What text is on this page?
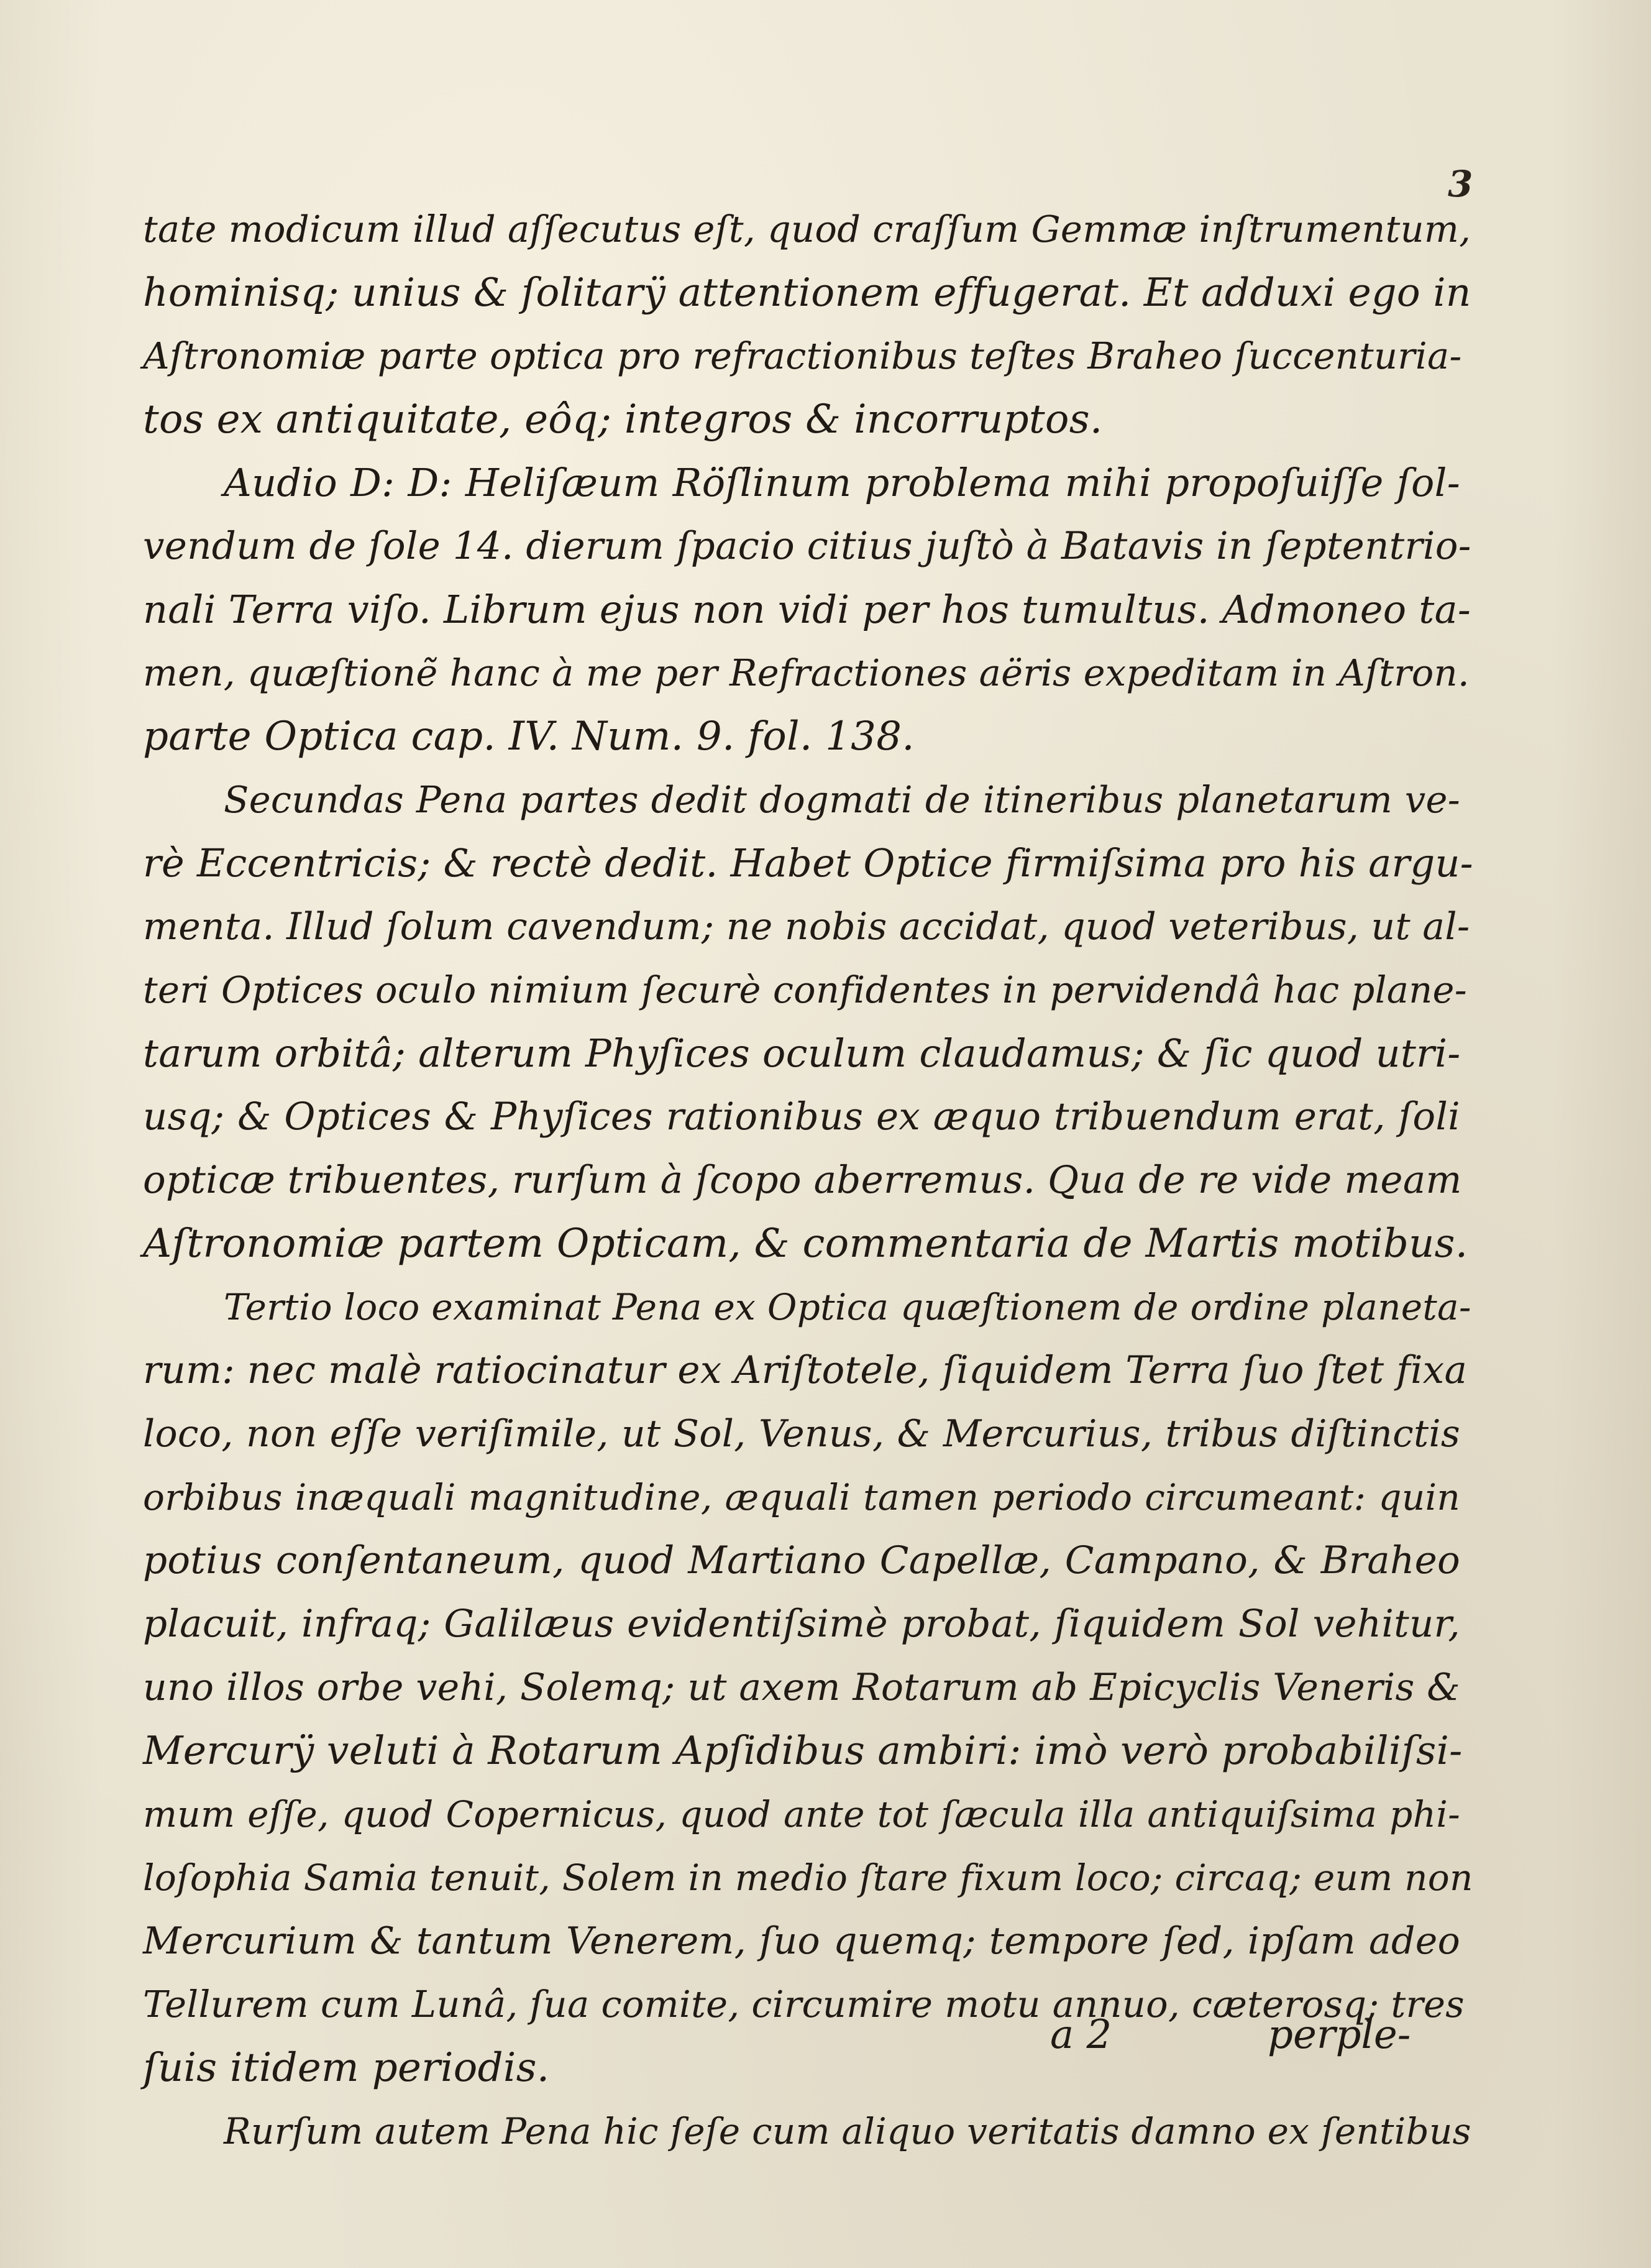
3
tate modicum illud aſſecutus eſt, quod craſſum Gemmæ inſtrumentum,
hominisq; unius & ſolitarÿ attentionem effugerat. Et adduxi ego in
Aſtronomiæ parte optica pro refractionibus teſtes Braheo ſuccenturia-
tos ex antiquitate, eôq; integros & incorruptos.
Audio D: D: Heliſæum Röſlinum problema mihi propoſuiſſe ſol-
vendum de ſole 14. dierum ſpacio citius juſtò à Batavis in ſeptentrio-
nali Terra viſo. Librum ejus non vidi per hos tumultus. Admoneo ta-
men, quæſtionẽ hanc à me per Refractiones aëris expeditam in Aſtron.
parte Optica cap. IV. Num. 9. fol. 138.
Secundas Pena partes dedit dogmati de itineribus planetarum ve-
rè Eccentricis; & rectè dedit. Habet Optice firmiſsima pro his argu-
menta. Illud ſolum cavendum; ne nobis accidat, quod veteribus, ut al-
teri Optices oculo nimium ſecurè confidentes in pervidendâ hac plane-
tarum orbitâ; alterum Phyſices oculum claudamus; & ſic quod utri-
usq; & Optices & Phyſices rationibus ex æquo tribuendum erat, ſoli
opticæ tribuentes, rurſum à ſcopo aberremus. Qua de re vide meam
Aſtronomiæ partem Opticam, & commentaria de Martis motibus.
Tertio loco examinat Pena ex Optica quæſtionem de ordine planeta-
rum: nec malè ratiocinatur ex Ariſtotele, ſiquidem Terra ſuo ſtet fixa
loco, non eſſe veriſimile, ut Sol, Venus, & Mercurius, tribus diſtinctis
orbibus inæquali magnitudine, æquali tamen periodo circumeant: quin
potius conſentaneum, quod Martiano Capellæ, Campano, & Braheo
placuit, infraq; Galilæus evidentiſsimè probat, ſiquidem Sol vehitur,
uno illos orbe vehi, Solemq; ut axem Rotarum ab Epicyclis Veneris &
Mercurÿ veluti à Rotarum Apſidibus ambiri: imò verò probabiliſsi-
mum eſſe, quod Copernicus, quod ante tot ſæcula illa antiquiſsima phi-
loſophia Samia tenuit, Solem in medio ſtare fixum loco; circaq; eum non
Mercurium & tantum Venerem, ſuo quemq; tempore ſed, ipſam adeo
Tellurem cum Lunâ, ſua comite, circumire motu annuo, cæterosq; tres
ſuis itidem periodis.
Rurſum autem Pena hic ſeſe cum aliquo veritatis damno ex ſentibus
a 2	perple-
